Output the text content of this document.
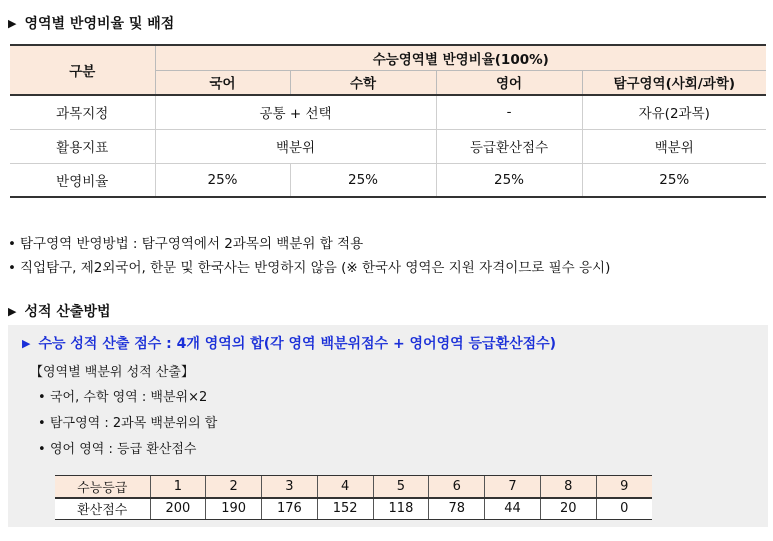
▶ 영역별 반영비율 및 배점
구분	수능영역별 반영비율(100%)			
	국어	수학	영어	탐구영역(사회/과학)
과목지정	공통 + 선택		-	자유(2과목)
활용지표	백분위		등급환산점수	백분위
반영비율	25%	25%	25%	25%
• 탐구영역 반영방법 : 탐구영역에서 2과목의 백분위 합 적용
• 직업탐구, 제2외국어, 한문 및 한국사는 반영하지 않음 (※ 한국사 영역은 지원 자격이므로 필수 응시)
▶ 성적 산출방법
▶ 수능 성적 산출 점수 : 4개 영역의 합(각 영역 백분위점수 + 영어영역 등급환산점수)
【영역별 백분위 성적 산출】
• 국어, 수학 영역 : 백분위×2
• 탐구영역 : 2과목 백분위의 합
• 영어 영역 : 등급 환산점수
수능등급	1	2	3	4	5	6	7	8	9
환산점수	200	190	176	152	118	78	44	20	0
